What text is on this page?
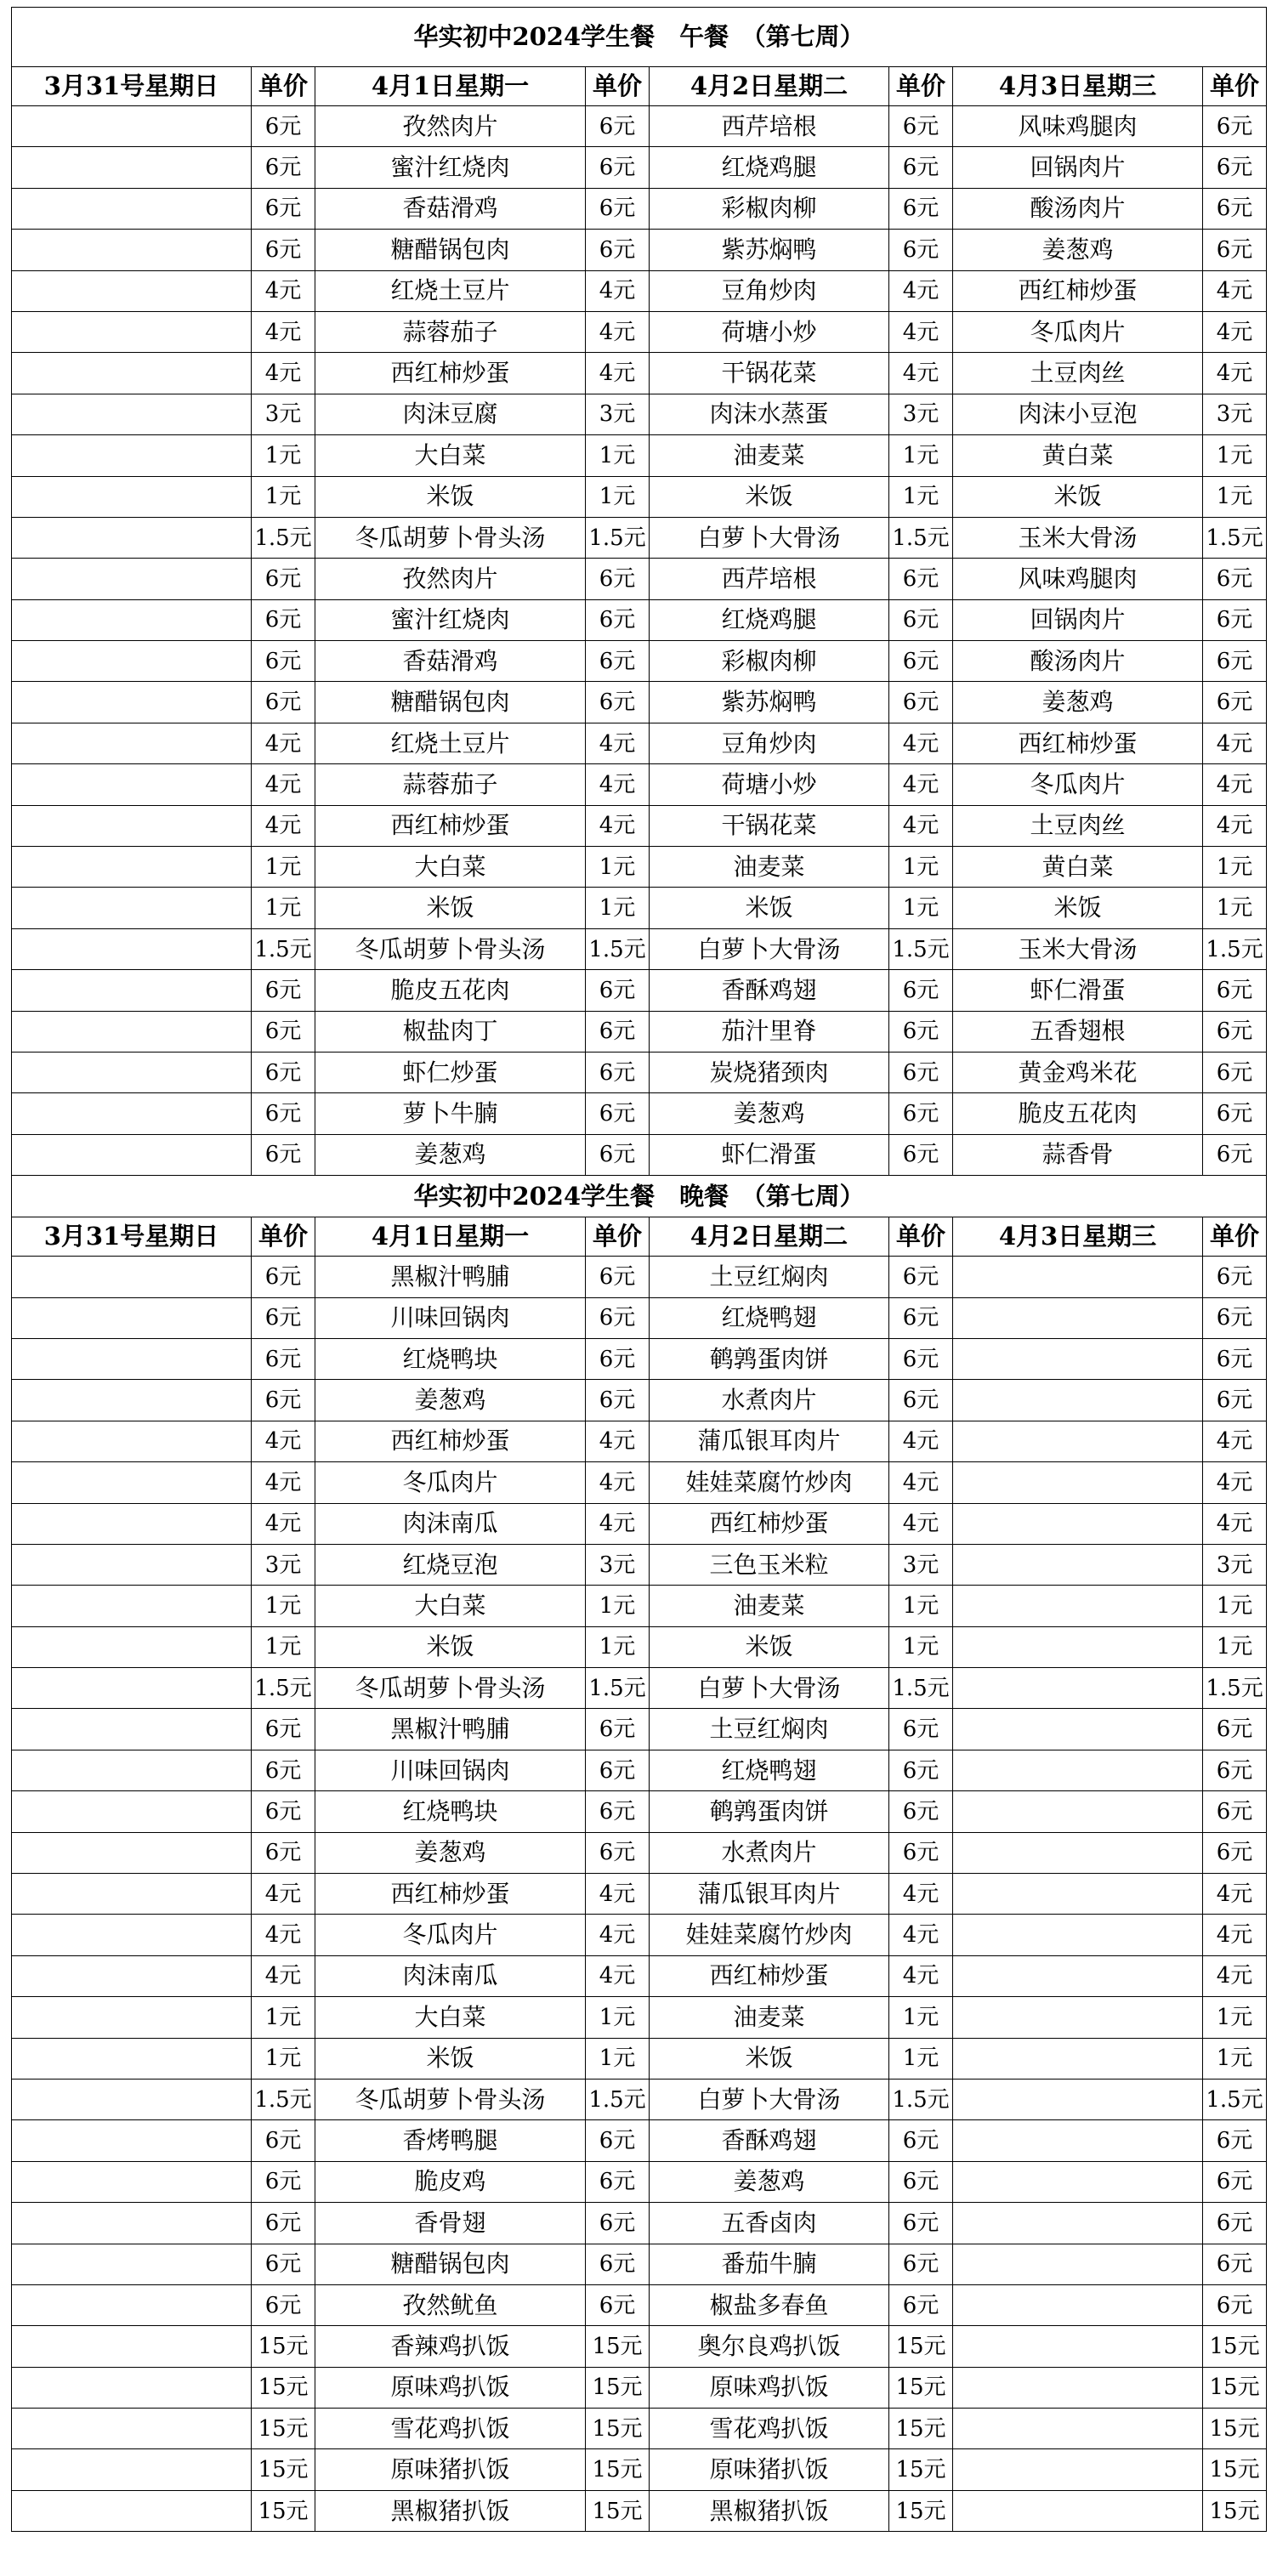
华实初中2024学生餐　午餐　（第七周）							
3月31号星期日	单价	4月1日星期一	单价	4月2日星期二	单价	4月3日星期三	单价
	6元	孜然肉片	6元	西芹培根	6元	风味鸡腿肉	6元
	6元	蜜汁红烧肉	6元	红烧鸡腿	6元	回锅肉片	6元
	6元	香菇滑鸡	6元	彩椒肉柳	6元	酸汤肉片	6元
	6元	糖醋锅包肉	6元	紫苏焖鸭	6元	姜葱鸡	6元
	4元	红烧土豆片	4元	豆角炒肉	4元	西红柿炒蛋	4元
	4元	蒜蓉茄子	4元	荷塘小炒	4元	冬瓜肉片	4元
	4元	西红柿炒蛋	4元	干锅花菜	4元	土豆肉丝	4元
	3元	肉沫豆腐	3元	肉沫水蒸蛋	3元	肉沫小豆泡	3元
	1元	大白菜	1元	油麦菜	1元	黄白菜	1元
	1元	米饭	1元	米饭	1元	米饭	1元
	1.5元	冬瓜胡萝卜骨头汤	1.5元	白萝卜大骨汤	1.5元	玉米大骨汤	1.5元
	6元	孜然肉片	6元	西芹培根	6元	风味鸡腿肉	6元
	6元	蜜汁红烧肉	6元	红烧鸡腿	6元	回锅肉片	6元
	6元	香菇滑鸡	6元	彩椒肉柳	6元	酸汤肉片	6元
	6元	糖醋锅包肉	6元	紫苏焖鸭	6元	姜葱鸡	6元
	4元	红烧土豆片	4元	豆角炒肉	4元	西红柿炒蛋	4元
	4元	蒜蓉茄子	4元	荷塘小炒	4元	冬瓜肉片	4元
	4元	西红柿炒蛋	4元	干锅花菜	4元	土豆肉丝	4元
	1元	大白菜	1元	油麦菜	1元	黄白菜	1元
	1元	米饭	1元	米饭	1元	米饭	1元
	1.5元	冬瓜胡萝卜骨头汤	1.5元	白萝卜大骨汤	1.5元	玉米大骨汤	1.5元
	6元	脆皮五花肉	6元	香酥鸡翅	6元	虾仁滑蛋	6元
	6元	椒盐肉丁	6元	茄汁里脊	6元	五香翅根	6元
	6元	虾仁炒蛋	6元	炭烧猪颈肉	6元	黄金鸡米花	6元
	6元	萝卜牛腩	6元	姜葱鸡	6元	脆皮五花肉	6元
	6元	姜葱鸡	6元	虾仁滑蛋	6元	蒜香骨	6元
华实初中2024学生餐　晚餐　（第七周）							
3月31号星期日	单价	4月1日星期一	单价	4月2日星期二	单价	4月3日星期三	单价
	6元	黑椒汁鸭脯	6元	土豆红焖肉	6元		6元
	6元	川味回锅肉	6元	红烧鸭翅	6元		6元
	6元	红烧鸭块	6元	鹌鹑蛋肉饼	6元		6元
	6元	姜葱鸡	6元	水煮肉片	6元		6元
	4元	西红柿炒蛋	4元	蒲瓜银耳肉片	4元		4元
	4元	冬瓜肉片	4元	娃娃菜腐竹炒肉	4元		4元
	4元	肉沫南瓜	4元	西红柿炒蛋	4元		4元
	3元	红烧豆泡	3元	三色玉米粒	3元		3元
	1元	大白菜	1元	油麦菜	1元		1元
	1元	米饭	1元	米饭	1元		1元
	1.5元	冬瓜胡萝卜骨头汤	1.5元	白萝卜大骨汤	1.5元		1.5元
	6元	黑椒汁鸭脯	6元	土豆红焖肉	6元		6元
	6元	川味回锅肉	6元	红烧鸭翅	6元		6元
	6元	红烧鸭块	6元	鹌鹑蛋肉饼	6元		6元
	6元	姜葱鸡	6元	水煮肉片	6元		6元
	4元	西红柿炒蛋	4元	蒲瓜银耳肉片	4元		4元
	4元	冬瓜肉片	4元	娃娃菜腐竹炒肉	4元		4元
	4元	肉沫南瓜	4元	西红柿炒蛋	4元		4元
	1元	大白菜	1元	油麦菜	1元		1元
	1元	米饭	1元	米饭	1元		1元
	1.5元	冬瓜胡萝卜骨头汤	1.5元	白萝卜大骨汤	1.5元		1.5元
	6元	香烤鸭腿	6元	香酥鸡翅	6元		6元
	6元	脆皮鸡	6元	姜葱鸡	6元		6元
	6元	香骨翅	6元	五香卤肉	6元		6元
	6元	糖醋锅包肉	6元	番茄牛腩	6元		6元
	6元	孜然鱿鱼	6元	椒盐多春鱼	6元		6元
	15元	香辣鸡扒饭	15元	奥尔良鸡扒饭	15元		15元
	15元	原味鸡扒饭	15元	原味鸡扒饭	15元		15元
	15元	雪花鸡扒饭	15元	雪花鸡扒饭	15元		15元
	15元	原味猪扒饭	15元	原味猪扒饭	15元		15元
	15元	黑椒猪扒饭	15元	黑椒猪扒饭	15元		15元
